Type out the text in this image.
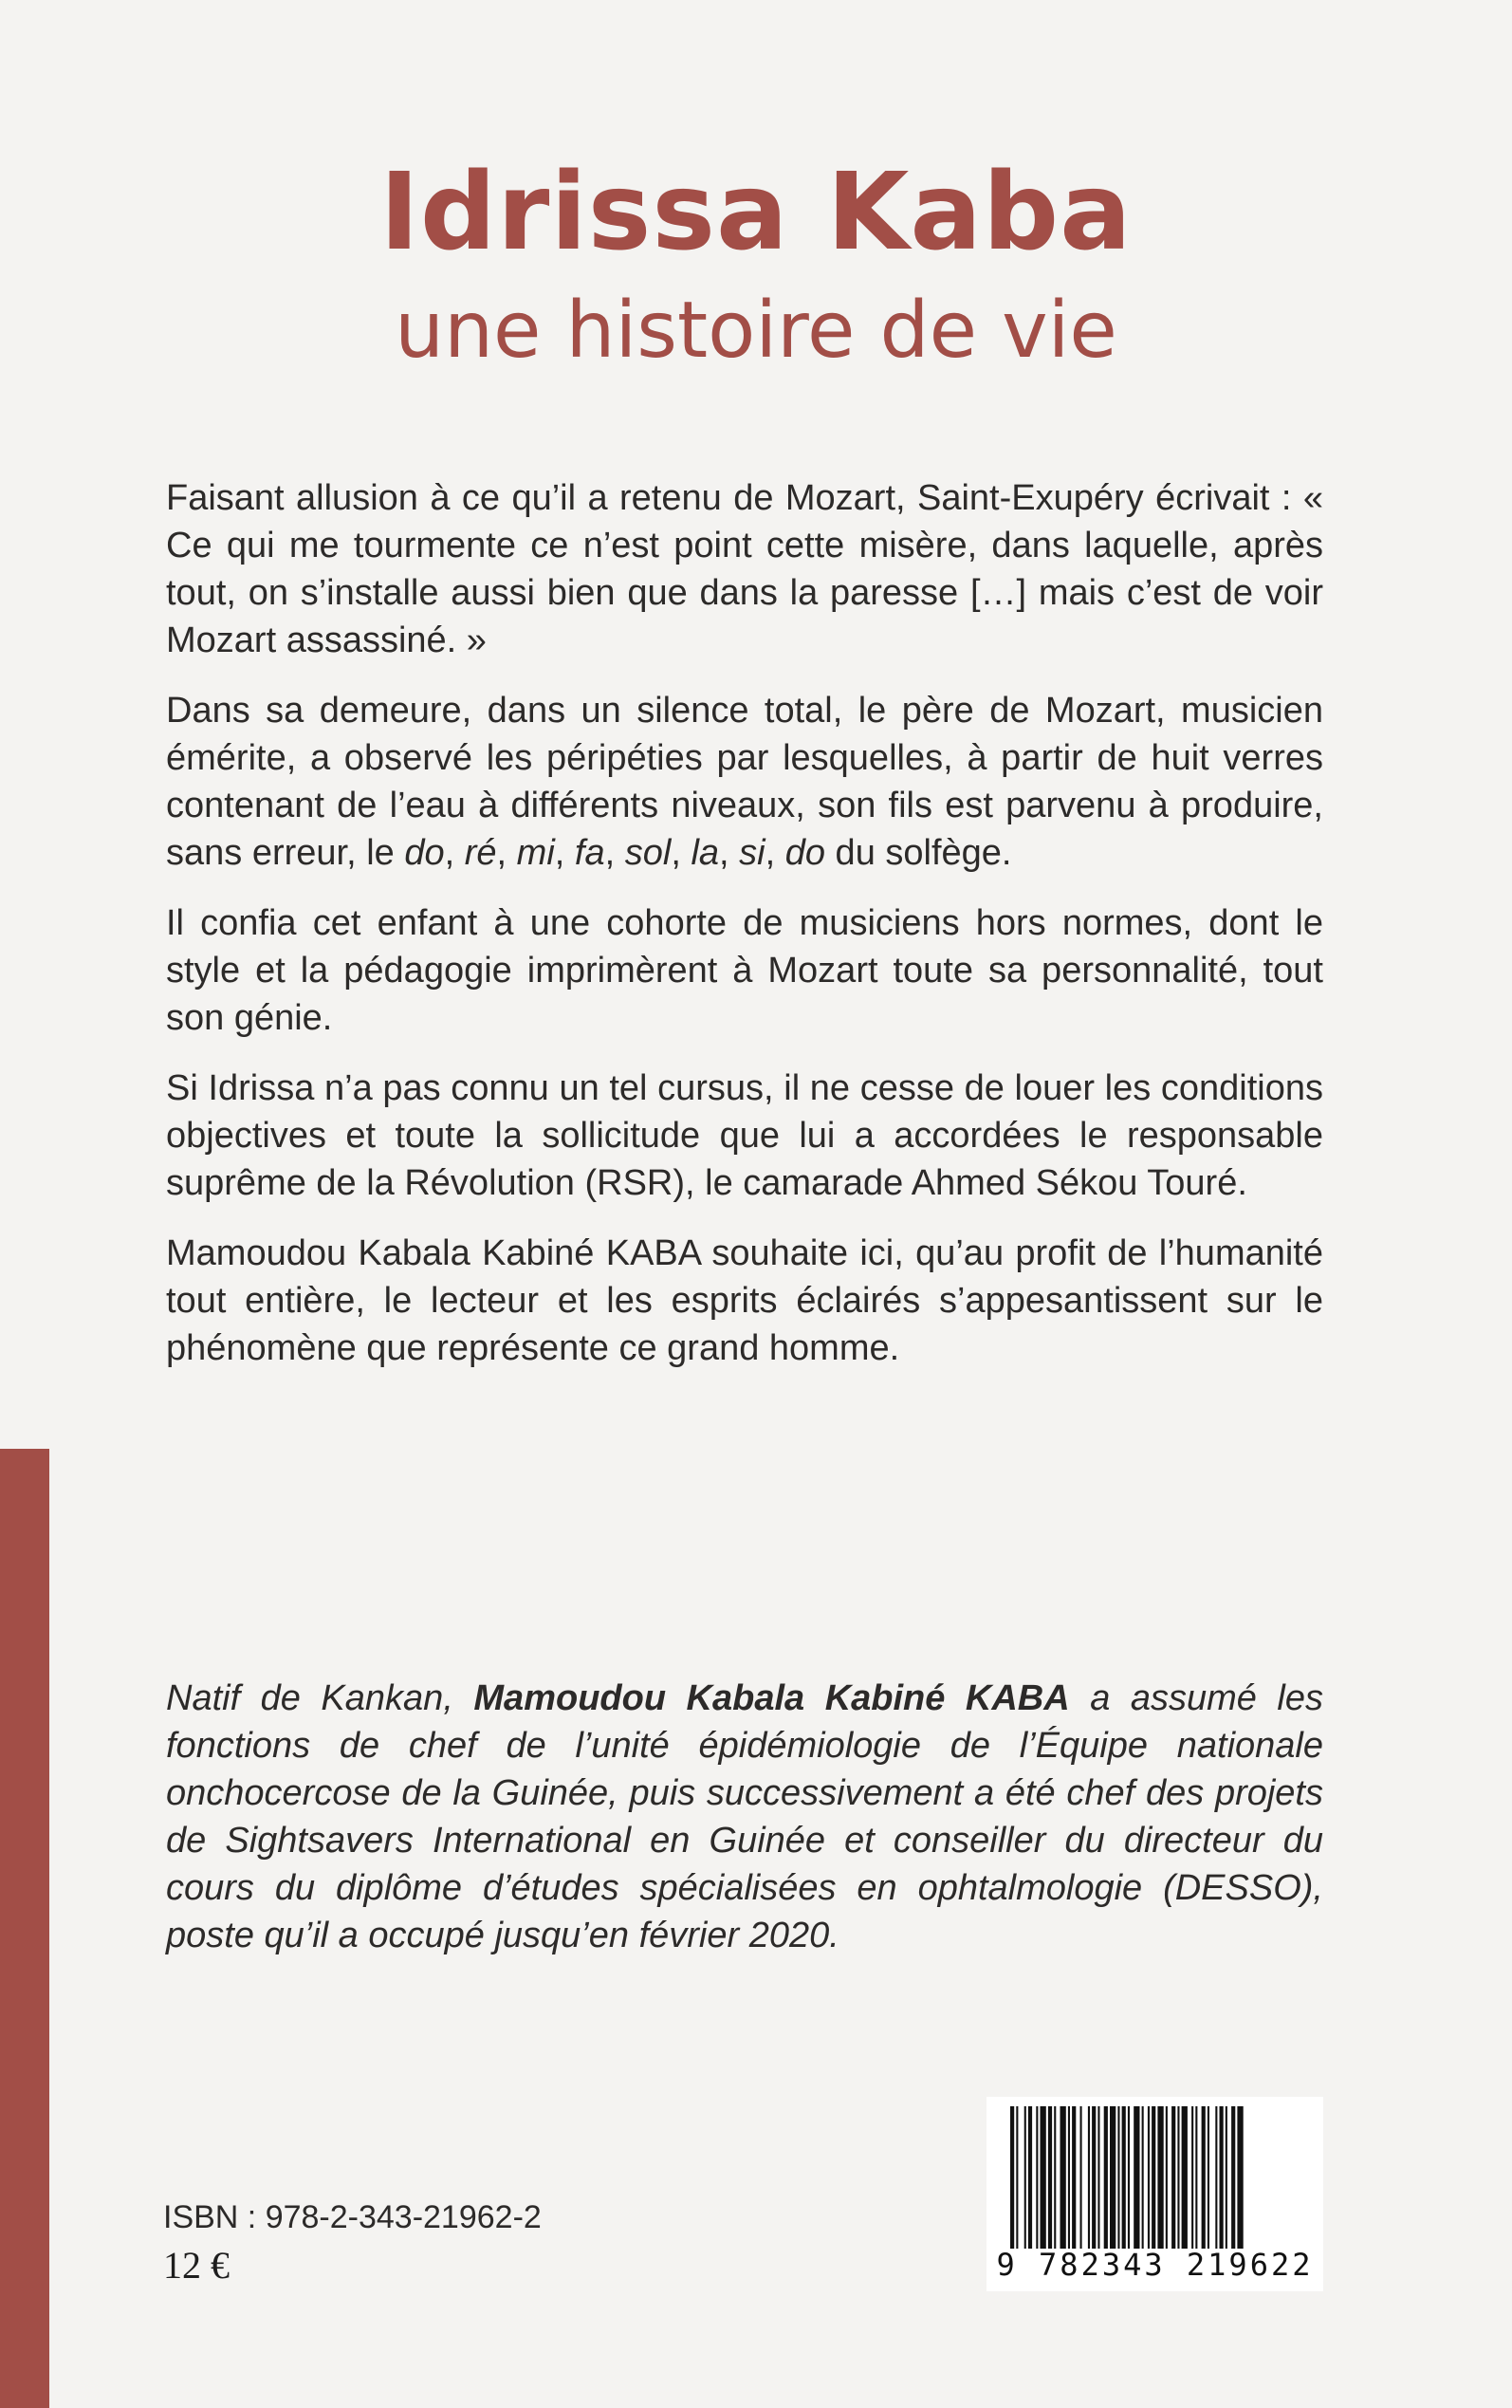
Idrissa Kaba
une histoire de vie

Faisant allusion à ce qu’il a retenu de Mozart, Saint-Exupéry écrivait : « Ce qui me tourmente ce n’est point cette misère, dans laquelle, après tout, on s’installe aussi bien que dans la paresse […] mais c’est de voir Mozart assassiné. »

Dans sa demeure, dans un silence total, le père de Mozart, musicien émérite, a observé les péripéties par lesquelles, à partir de huit verres contenant de l’eau à différents niveaux, son fils est parvenu à produire, sans erreur, le do, ré, mi, fa, sol, la, si, do du solfège.

Il confia cet enfant à une cohorte de musiciens hors normes, dont le style et la pédagogie imprimèrent à Mozart toute sa personnalité, tout son génie.

Si Idrissa n’a pas connu un tel cursus, il ne cesse de louer les conditions objectives et toute la sollicitude que lui a accordées le responsable suprême de la Révolution (RSR), le camarade Ahmed Sékou Touré.

Mamoudou Kabala Kabiné KABA souhaite ici, qu’au profit de l’humanité tout entière, le lecteur et les esprits éclairés s’appesantissent sur le phénomène que représente ce grand homme.

Natif de Kankan, Mamoudou Kabala Kabiné KABA a assumé les fonctions de chef de l’unité épidémiologie de l’Équipe nationale onchocercose de la Guinée, puis successivement a été chef des projets de Sightsavers International en Guinée et conseiller du directeur du cours du diplôme d’études spécialisées en ophtalmologie (DESSO), poste qu’il a occupé jusqu’en février 2020.

ISBN : 978-2-343-21962-2
12 €	9 782343 219622
